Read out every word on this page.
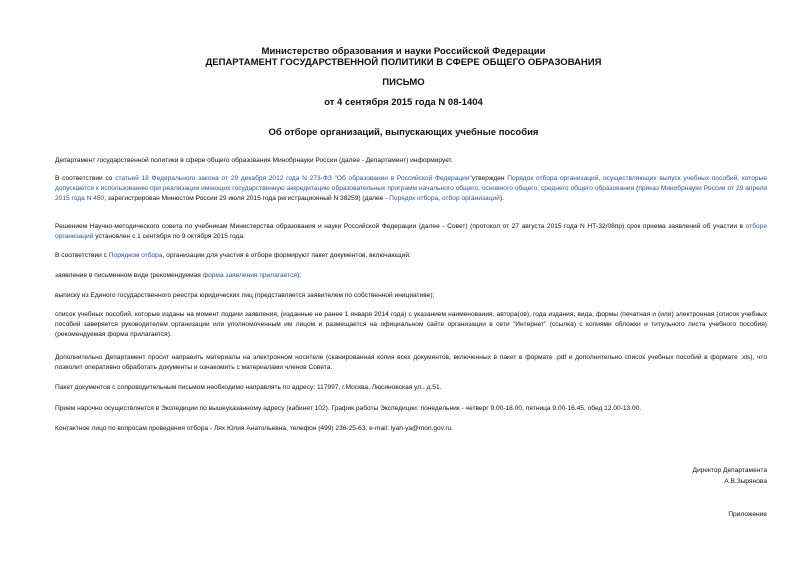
Министерство образования и науки Российской Федерации
ДЕПАРТАМЕНТ ГОСУДАРСТВЕННОЙ ПОЛИТИКИ В СФЕРЕ ОБЩЕГО ОБРАЗОВАНИЯ
ПИСЬМО
от 4 сентября 2015 года N 08-1404
Об отборе организаций, выпускающих учебные пособия
Департамент государственной политики в сфере общего образования Минобрнауки России (далее - Департамент) информирует.
В соответствии со статьей 18 Федерального закона от 29 декабря 2012 года N 273-ФЗ "Об образовании в Российской Федерации"утвержден Порядок отбора организаций, осуществляющих выпуск учебных пособий, которые допускаются к использованию при реализации имеющих государственную аккредитацию образовательных программ начального общего, основного общего, среднего общего образования (приказ Минобрнауки России от 29 апреля 2015 года N 450, зарегистрирован Минюстом России 29 июля 2015 года регистрационный N 38259) (далее - Порядок отбора, отбор организаций).
Решением Научно-методического совета по учебникам Министерства образования и науки Российской Федерации (далее - Совет) (протокол от 27 августа 2015 года N НТ-32/08пр) срок приема заявлений об участии в отборе организаций установлен с 1 сентября по 9 октября 2015 года.
В соответствии с Порядком отбора, организации для участия в отборе формируют пакет документов, включающий:
заявление в письменном виде (рекомендуемая форма заявления прилагается);
выписку из Единого государственного реестра юридических лиц (представляется заявителем по собственной инициативе);
список учебных пособий, которые изданы на момент подачи заявления, (изданные не ранее 1 января 2014 года) с указанием наименования, автора(ов), года издания, вида, формы (печатная и (или) электронная (список учебных пособий заверяется руководителем организации или уполномоченным им лицом и размещается на официальном сайте организации в сети "Интернет" (ссылка) с копиями обложки и титульного листа учебного пособия) (рекомендуемая форма прилагается).
Дополнительно Департамент просит направить материалы на электронном носителе (сканированная копия всех документов, включенных в пакет в формате .pdf и дополнительно список учебных пособий в формате .xls), что позволит оперативно обработать документы и ознакомить с материалами членов Совета.
Пакет документов с сопроводительным письмом необходимо направлять по адресу: 117997, г.Москва, Люсиновская ул., д.51.
Прием нарочно осуществляется в Экспедиции по вышеуказанному адресу (кабинет 102). График работы Экспедиции: понедельник - четверг 9.00-18.00, пятница 9.00-16.45, обед 12.00-13.00.
Контактное лицо по вопросам проведения отбора - Лях Юлия Анатольевна, телефон (499) 236-25-63, e-mail: lyah-ya@mon.gov.ru.
Директор Департамента
А.В.Зырянова
Приложение
